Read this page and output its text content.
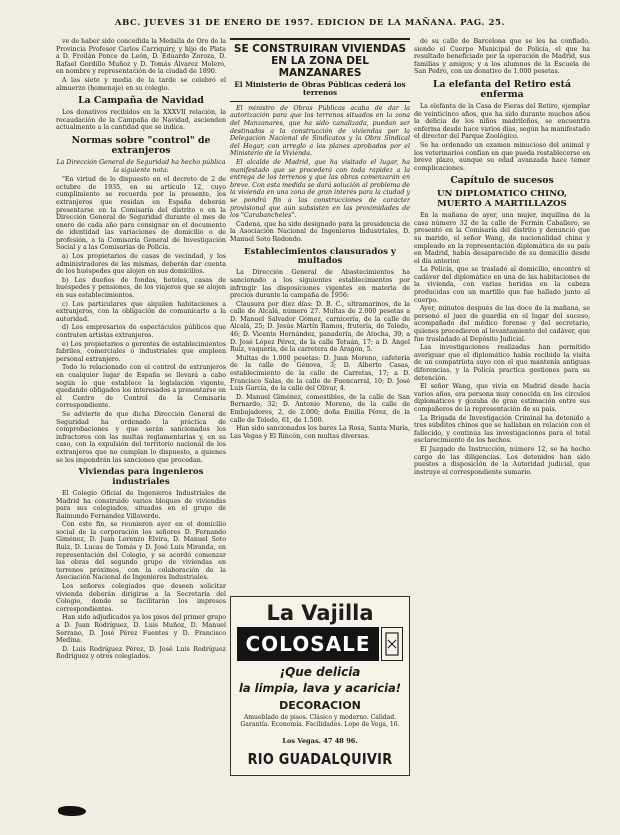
ABC. JUEVES 31 DE ENERO DE 1957. EDICION DE LA MAÑANA. PAG. 25.

ve de haber sido concedida la Medalla de Oro de la Provincia Profesor Carlos Carriquiry, y hijo de Plata a D. Froilán Ponce de León, D. Eduardo Zoroza, D. Rafael Gordillo Muñoz y D. Tomás Álvarez Molero, en nombre y representación de la ciudad de 1890.

A las siete y media de la tarde se celebró el almuerzo (homenaje) en su colegio.

La Campaña de Navidad

Los donativos recibidos en la XXXVII relación, la recaudación de la Campaña de Navidad, ascienden actualmente a la cantidad que se indica.

Normas sobre "control" de extranjeros
La Dirección General de Seguridad ha hecho pública la siguiente nota:

"En virtud de lo dispuesto en el decreto de 2 de octubre de 1935, en su artículo 12, cuyo cumplimiento se recuerda por la presente, los extranjeros que residan en España deberán presentarse en la Comisaría del distrito o en la Dirección General de Seguridad durante el mes de enero de cada año para consignar en el documento de identidad las variaciones de domicilio o de profesión, a la Comisaría General de Investigación Social y a las Comisarías de Policía.

a) Los propietarios de casas de vecindad, y los administradores de las mismas, deberán dar cuenta de los huéspedes que alojen en sus domicilios.

b) Los dueños de fondas, hoteles, casas de huéspedes y pensiones, de los viajeros que se alojen en sus establecimientos.

c) Los particulares que alquilen habitaciones a extranjeros, con la obligación de comunicarlo a la autoridad.

d) Los empresarios de espectáculos públicos que contraten artistas extranjeros.

e) Los propietarios o gerentes de establecimientos fabriles, comerciales o industriales que empleen personal extranjero.

Todo lo relacionado con el control de extranjeros en cualquier lugar de España se llevará a cabo según lo que establece la legislación vigente, quedando obligados los interesados a presentarse en el Centro de Control de la Comisaría correspondiente.

Se advierte de que dicha Dirección General de Seguridad ha ordenado la práctica de comprobaciones y que serán sancionados los infractores con las multas reglamentarias y, en su caso, con la expulsión del territorio nacional de los extranjeros que no cumplan lo dispuesto, a quienes se les impondrán las sanciones que procedan.

Viviendas para ingenieros industriales

El Colegio Oficial de Ingenieros Industriales de Madrid ha construido varios bloques de viviendas para sus colegiados, situados en el grupo de Raimundo Fernández Villaverde.

Con este fin, se reunieron ayer en el domicilio social de la corporación los señores D. Fernando Giménez, D. Juan Lorenzo Elvira, D. Manuel Soto Ruiz, D. Lucas de Tomás y D. José Luis Miranda, en representación del Colegio, y se acordó comenzar las obras del segundo grupo de viviendas en terrenos próximos, con la colaboración de la Asociación Nacional de Ingenieros Industriales.

Los señores colegiados que deseen solicitar vivienda deberán dirigirse a la Secretaría del Colegio, donde se facilitarán los impresos correspondientes.

Han sido adjudicados ya los pisos del primer grupo a D. Juan Rodríguez, D. Luis Muñoz, D. Manuel Serrano, D. José Pérez Fuentes y D. Francisco Medina.

D. Luis Rodríguez Pérez, D. José Luis Rodríguez Rodríguez y otros colegiados.

SE CONSTRUIRAN VIVIENDAS EN LA ZONA DEL MANZANARES
El Ministerio de Obras Públicas cederá los terrenos

El ministro de Obras Públicas acaba de dar la autorización para que los terrenos situados en la zona del Manzanares, que ha sido canalizada, puedan ser destinados a la construcción de viviendas por la Delegación Nacional de Sindicatos y la Obra Sindical del Hogar, con arreglo a los planes aprobados por el Ministerio de la Vivienda.

El alcalde de Madrid, que ha visitado el lugar, ha manifestado que se procederá con toda rapidez a la entrega de los terrenos y que las obras comenzarán en breve. Con esta medida se dará solución al problema de la vivienda en una zona de gran interés para la ciudad y se pondrá fin a las construcciones de carácter provisional que aún subsisten en las proximidades de los "Carabancheles".

Cadena, que ha sido designado para la presidencia de la Asociación Nacional de Ingenieros Industriales, D. Manuel Soto Redondo.

Establecimientos clausurados y multados

La Dirección General de Abastecimientos ha sancionado a los siguientes establecimientos por infringir las disposiciones vigentes en materia de precios durante la campaña de 1956:

Clausura por diez días: D. B. C., ultramarinos, de la calle de Alcalá, número 27. Multas de 2.000 pesetas a D. Manuel Salvador Gómez, carnicería, de la calle de Alcalá, 25; D. Jesús Martín Ramos, frutería, de Toledo, 46; D. Vicente Hernández, panadería, de Atocha, 39; a D. José López Pérez, de la calle Tetuán, 17; a D. Ángel Ruiz, vaquería, de la carretera de Aragón, 5.

Multas de 1.000 pesetas: D. Juan Moreno, cafetería de la calle de Génova, 3; D. Alberto Casas, establecimiento de la calle de Carretas, 17; a D. Francisco Salas, de la calle de Fuencarral, 10; D. José Luis García, de la calle del Olivar, 4.

D. Manuel Giménez, comestibles, de la calle de San Bernardo, 32; D. Antonio Moreno, de la calle de Embajadores, 2, de 2.000; doña Emilia Pérez, de la calle de Toledo, 61, de 1.500.

Han sido sancionados los bares La Rosa, Santa María, Las Vegas y El Rincón, con multas diversas.

La Vajilla
COLOSALE
¡Que delicia
la limpia, lava y acaricia!
DECORACION
Amueblado de pisos. Clásico y moderno. Calidad. Garantía. Economía. Facilidades. Lope de Vega, 16.
Los Vegas. 47 48 96.
RIO GUADALQUIVIR

de su calle de Barcelona que se les ha confiado, siendo el Cuerpo Municipal de Policía, el que ha resultado beneficiado por la operación de Madrid, sus familias y amigos; y a los alumnos de la Escuela de San Pedro, con un donativo de 1.000 pesetas.

La elefanta del Retiro está enferma

La elefanta de la Casa de Fieras del Retiro, ejemplar de veinticinco años, que ha sido durante muchos años la delicia de los niños madrileños, se encuentra enferma desde hace varios días, según ha manifestado el director del Parque Zoológico.

Se ha ordenado un examen minucioso del animal y los veterinarios confían en que pueda restablecerse en breve plazo, aunque su edad avanzada hace temer complicaciones.

Capítulo de sucesos
UN DIPLOMATICO CHINO, MUERTO A MARTILLAZOS

En la mañana de ayer, una mujer, inquilina de la casa número 32 de la calle de Fermín Caballero, se presentó en la Comisaría del distrito y denunció que su marido, el señor Wang, de nacionalidad china y empleado en la representación diplomática de su país en Madrid, había desaparecido de su domicilio desde el día anterior.

La Policía, que se trasladó al domicilio, encontró el cadáver del diplomático en una de las habitaciones de la vivienda, con varias heridas en la cabeza producidas con un martillo que fue hallado junto al cuerpo.

Ayer, minutos después de las doce de la mañana, se personó el juez de guardia en el lugar del suceso, acompañado del médico forense y del secretario, quienes procedieron al levantamiento del cadáver, que fue trasladado al Depósito Judicial.

Las investigaciones realizadas han permitido averiguar que el diplomático había recibido la visita de un compatriota suyo con el que mantenía antiguas diferencias, y la Policía practica gestiones para su detención.

El señor Wang, que vivía en Madrid desde hacía varios años, era persona muy conocida en los círculos diplomáticos y gozaba de gran estimación entre sus compañeros de la representación de su país.

La Brigada de Investigación Criminal ha detenido a tres súbditos chinos que se hallaban en relación con el fallecido, y continúa las investigaciones para el total esclarecimiento de los hechos.

El Juzgado de Instrucción, número 12, se ha hecho cargo de las diligencias. Los detenidos han sido puestos a disposición de la Autoridad judicial, que instruye el correspondiente sumario.
